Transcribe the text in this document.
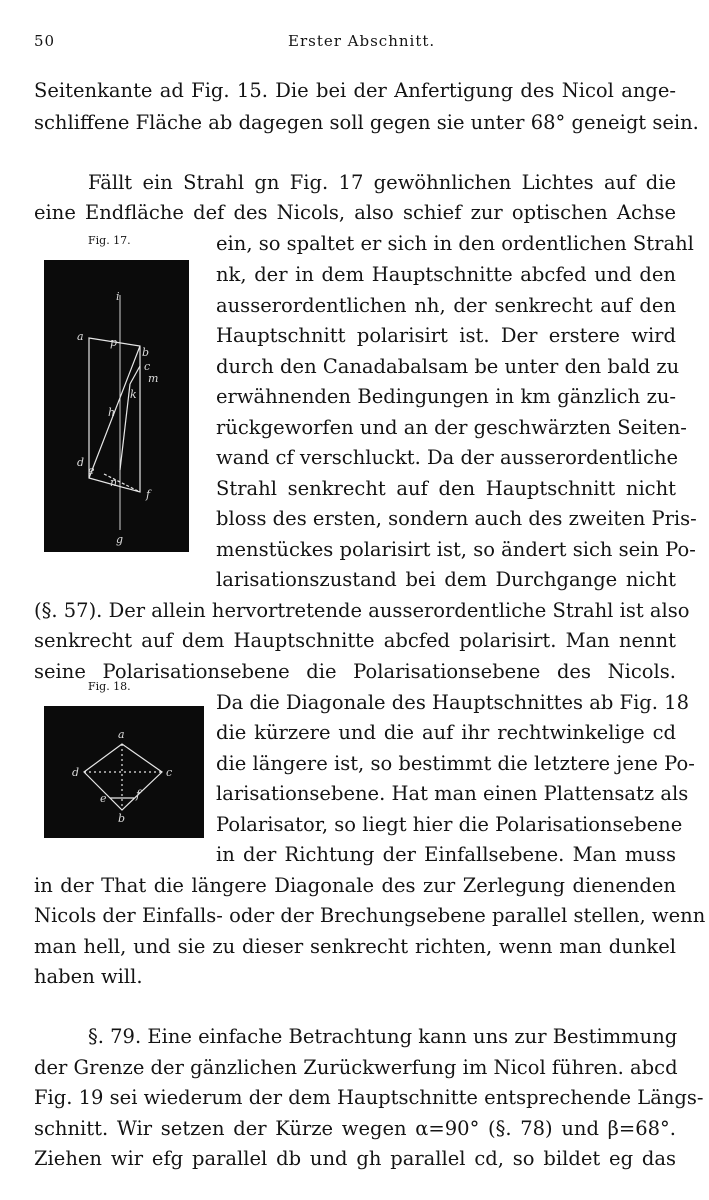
50	Erster Abschnitt.
Seitenkante ad Fig. 15. Die bei der Anfertigung des Nicol ange-
schliffene Fläche ab dagegen soll gegen sie unter 68° geneigt sein.
Fällt ein Strahl gn Fig. 17 gewöhnlichen Lichtes auf die
eine Endfläche def des Nicols, also schief zur optischen Achse
ein, so spaltet er sich in den ordentlichen Strahl
nk, der in dem Hauptschnitte abcfed und den
ausserordentlichen nh, der senkrecht auf den
Hauptschnitt polarisirt ist. Der erstere wird
durch den Canadabalsam be unter den bald zu
erwähnenden Bedingungen in km gänzlich zu-
rückgeworfen und an der geschwärzten Seiten-
wand cf verschluckt. Da der ausserordentliche
Strahl senkrecht auf den Hauptschnitt nicht
bloss des ersten, sondern auch des zweiten Pris-
menstückes polarisirt ist, so ändert sich sein Po-
larisationszustand bei dem Durchgange nicht
(§. 57). Der allein hervortretende ausserordentliche Strahl ist also
senkrecht auf dem Hauptschnitte abcfed polarisirt. Man nennt
seine Polarisationsebene die Polarisationsebene des Nicols.
Da die Diagonale des Hauptschnittes ab Fig. 18
die kürzere und die auf ihr rechtwinkelige cd
die längere ist, so bestimmt die letztere jene Po-
larisationsebene. Hat man einen Plattensatz als
Polarisator, so liegt hier die Polarisationsebene
in der Richtung der Einfallsebene. Man muss
in der That die längere Diagonale des zur Zerlegung dienenden
Nicols der Einfalls- oder der Brechungsebene parallel stellen, wenn
man hell, und sie zu dieser senkrecht richten, wenn man dunkel
haben will.
§. 79. Eine einfache Betrachtung kann uns zur Bestimmung
der Grenze der gänzlichen Zurückwerfung im Nicol führen. abcd
Fig. 19 sei wiederum der dem Hauptschnitte entsprechende Längs-
schnitt. Wir setzen der Kürze wegen α=90° (§. 78) und β=68°.
Ziehen wir efg parallel db und gh parallel cd, so bildet eg das
Fig. 17.
i
a p
b
c
m
k
h
d
e
n
f
g
Fig. 18.
a
d	c
e	f
b
